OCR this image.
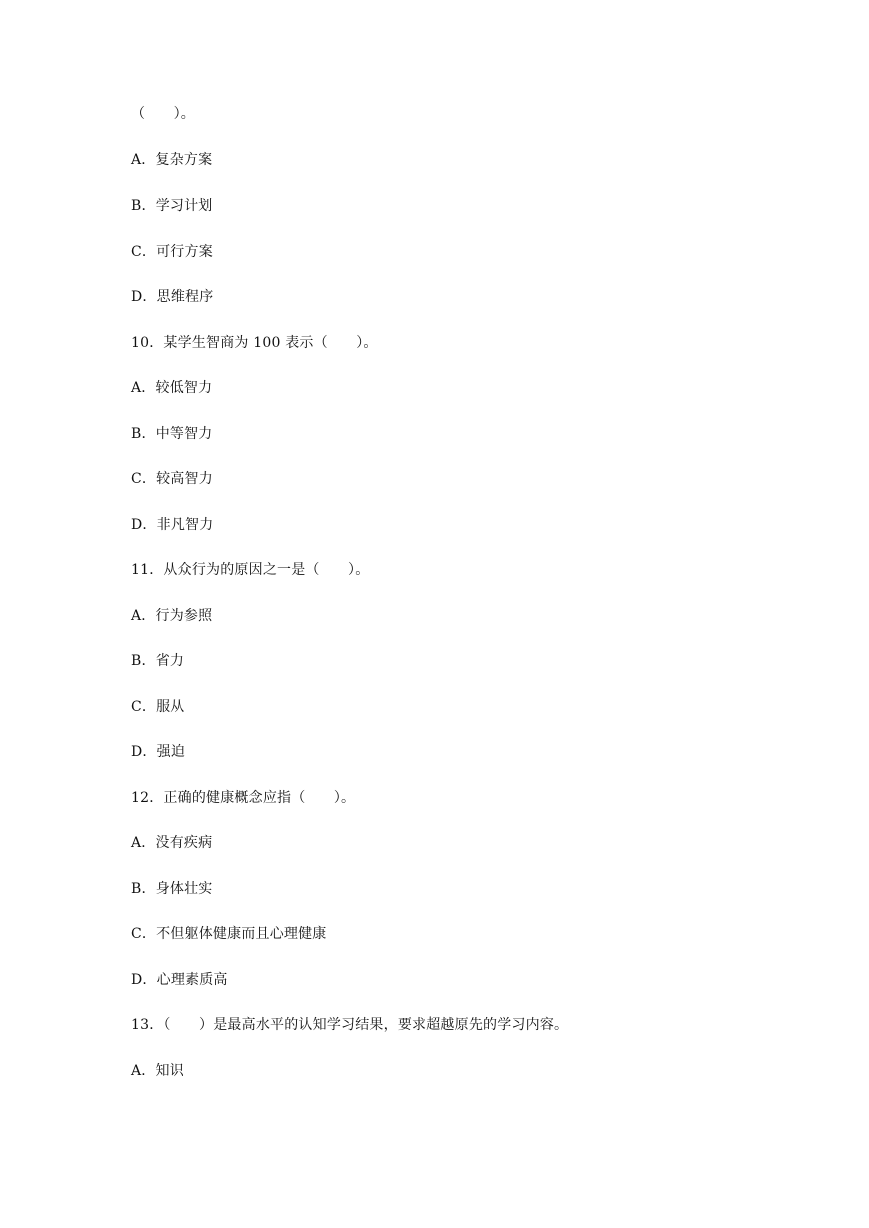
（　　）。
A．复杂方案
B．学习计划
C．可行方案
D．思维程序
10．某学生智商为 100 表示（　　）。
A．较低智力
B．中等智力
C．较高智力
D．非凡智力
11．从众行为的原因之一是（　　）。
A．行为参照
B．省力
C．服从
D．强迫
12．正确的健康概念应指（　　）。
A．没有疾病
B．身体壮实
C．不但躯体健康而且心理健康
D．心理素质高
13．（　　）是最高水平的认知学习结果，要求超越原先的学习内容。
A．知识
